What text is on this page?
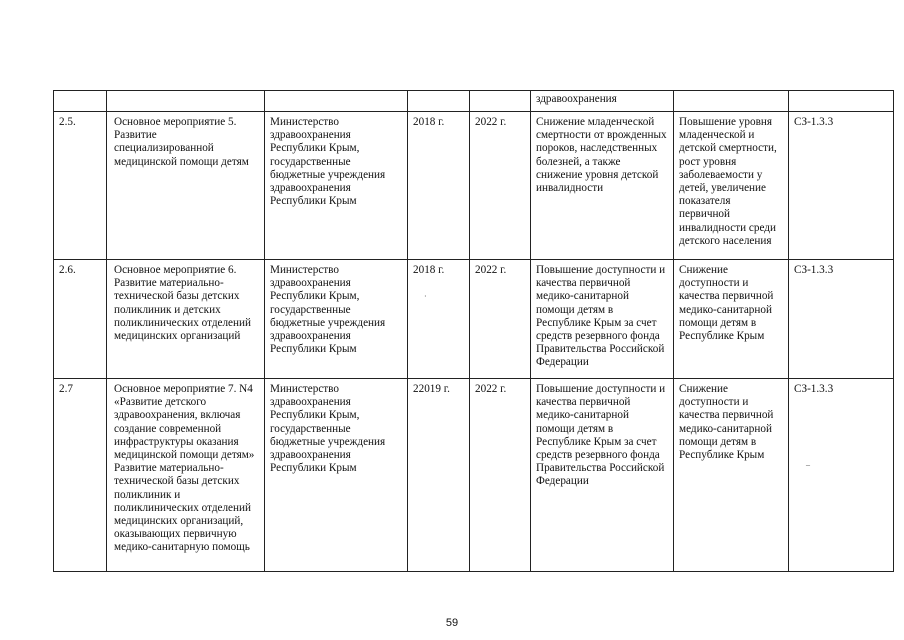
					здравоохранения		
2.5.	Основное мероприятие 5. Развитие специализированной медицинской помощи детям	Министерство здравоохранения Республики Крым, государственные бюджетные учреждения здравоохранения Республики Крым	2018 г.	2022 г.	Снижение младенческой смертности от врожденных пороков, наследственных болезней, а также снижение уровня детской инвалидности	Повышение уровня младенческой и детской смертности, рост уровня заболеваемости у детей, увеличение показателя первичной инвалидности среди детского населения	СЗ-1.3.3
2.6.	Основное мероприятие 6. Развитие материально-технической базы детских поликлиник и детских поликлинических отделений медицинских организаций	Министерство здравоохранения Республики Крым, государственные бюджетные учреждения здравоохранения Республики Крым	2018 г.	2022 г.	Повышение доступности и качества первичной медико-санитарной помощи детям в Республике Крым за счет средств резервного фонда Правительства Российской Федерации	Снижение доступности и качества первичной медико-санитарной помощи детям в Республике Крым	СЗ-1.3.3
2.7	Основное мероприятие 7. N4 «Развитие детского здравоохранения, включая создание современной инфраструктуры оказания медицинской помощи детям» Развитие материально-технической базы детских поликлиник и поликлинических отделений медицинских организаций, оказывающих первичную медико-санитарную помощь	Министерство здравоохранения Республики Крым, государственные бюджетные учреждения здравоохранения Республики Крым	22019 г.	2022 г.	Повышение доступности и качества первичной медико-санитарной помощи детям в Республике Крым за счет средств резервного фонда Правительства Российской Федерации	Снижение доступности и качества первичной медико-санитарной помощи детям в Республике Крым	СЗ-1.3.3
·
–
59
